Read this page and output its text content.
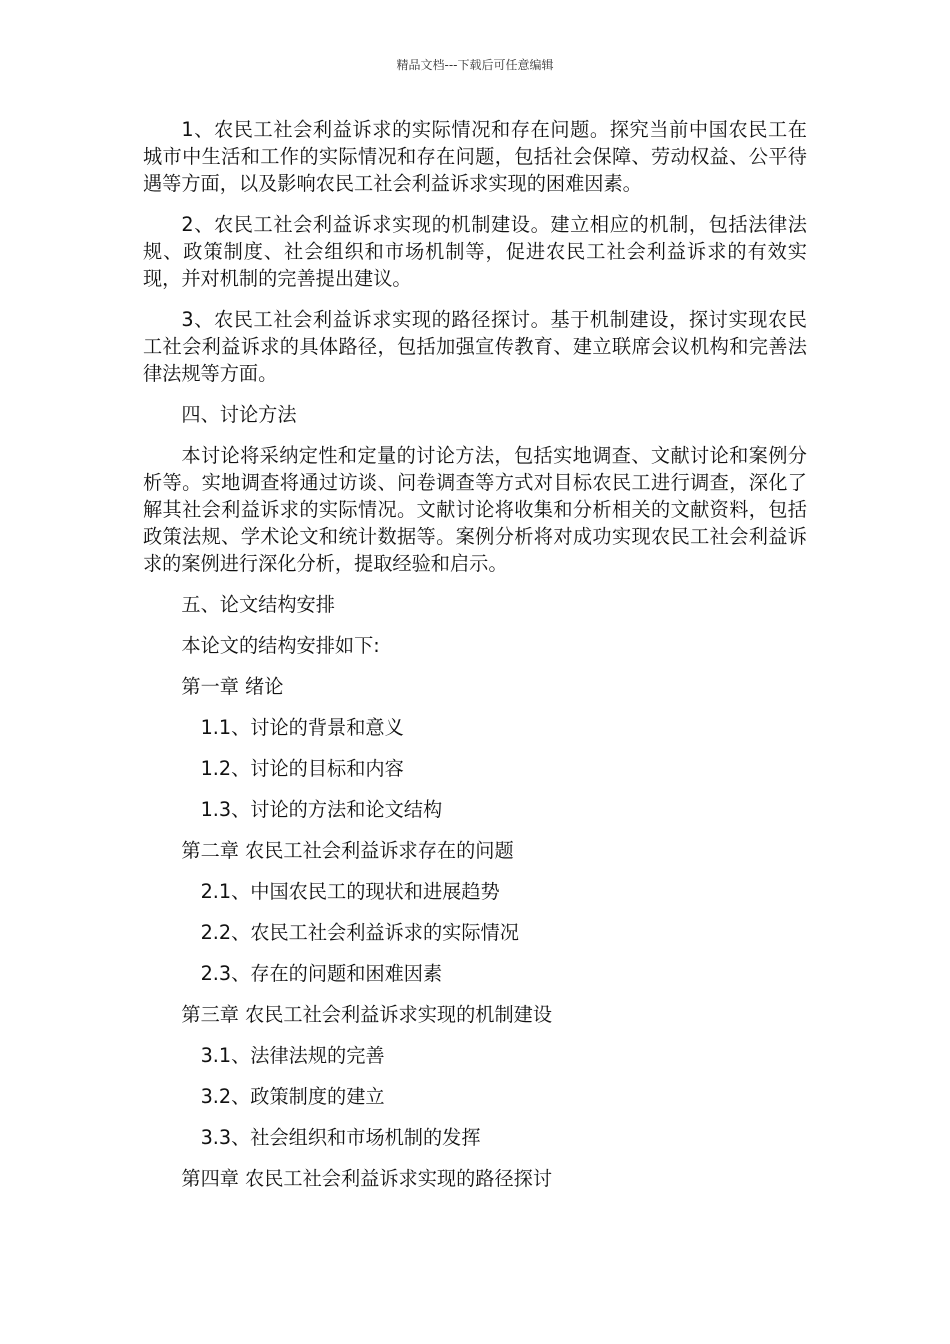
精品文档---下载后可任意编辑

1、农民工社会利益诉求的实际情况和存在问题。探究当前中国农民工在城市中生活和工作的实际情况和存在问题，包括社会保障、劳动权益、公平待遇等方面，以及影响农民工社会利益诉求实现的困难因素。

2、农民工社会利益诉求实现的机制建设。建立相应的机制，包括法律法规、政策制度、社会组织和市场机制等，促进农民工社会利益诉求的有效实现，并对机制的完善提出建议。

3、农民工社会利益诉求实现的路径探讨。基于机制建设，探讨实现农民工社会利益诉求的具体路径，包括加强宣传教育、建立联席会议机构和完善法律法规等方面。

四、讨论方法

本讨论将采纳定性和定量的讨论方法，包括实地调查、文献讨论和案例分析等。实地调查将通过访谈、问卷调查等方式对目标农民工进行调查，深化了解其社会利益诉求的实际情况。文献讨论将收集和分析相关的文献资料，包括政策法规、学术论文和统计数据等。案例分析将对成功实现农民工社会利益诉求的案例进行深化分析，提取经验和启示。

五、论文结构安排

本论文的结构安排如下:

第一章 绪论

1.1、讨论的背景和意义

1.2、讨论的目标和内容

1.3、讨论的方法和论文结构

第二章 农民工社会利益诉求存在的问题

2.1、中国农民工的现状和进展趋势

2.2、农民工社会利益诉求的实际情况

2.3、存在的问题和困难因素

第三章 农民工社会利益诉求实现的机制建设

3.1、法律法规的完善

3.2、政策制度的建立

3.3、社会组织和市场机制的发挥

第四章 农民工社会利益诉求实现的路径探讨
